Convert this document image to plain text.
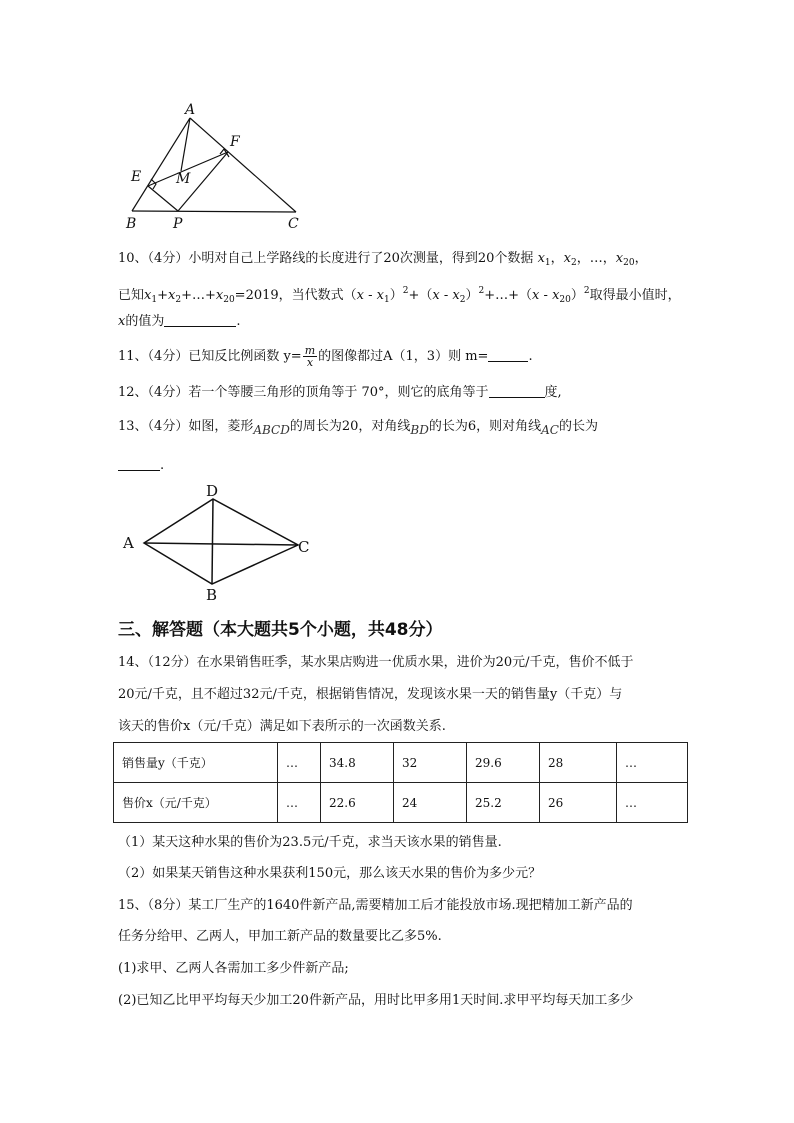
A
F
E M
B	P	C
10、（4分）小明对自己上学路线的长度进行了20次测量，得到20个数据 $x_1$，$x_2$，…，$x_{20}$，
已知$x_1+x_2+\dots+x_{20}=2019$，当代数式$(x - x_1)^2+(x$ - $x_2)^2+\dots+(x - x_{20})^2$取得最小值时，
x的值为	.
11、（4分）已知反比例函数 $y= \frac{m}{x}$ 的图像都过A（1，3）则 m=	.
12、（4分）若一个等腰三角形的顶角等于 70°，则它的底角等于	度,
13、（4分）如图，菱形ABCD的周长为20，对角线BD的长为6，则对角线AC的长为
.
D
A	C
B
三、解答题（本大题共5个小题，共48分）
14、（12分）在水果销售旺季，某水果店购进一优质水果，进价为20元/千克，售价不低于
20元/千克，且不超过32元/千克，根据销售情况，发现该水果一天的销售量y（千克）与
该天的售价x（元/千克）满足如下表所示的一次函数关系.
销售量y（千克）	…	34.8	32	29.6	28	…
售价x（元/千克）	…	22.6	24	25.2	26	…
（1）某天这种水果的售价为23.5元/千克，求当天该水果的销售量.
（2）如果某天销售这种水果获利150元，那么该天水果的售价为多少元？
15、（8分）某工厂生产的1640件新产品,需要精加工后才能投放市场.现把精加工新产品的
任务分给甲、乙两人，甲加工新产品的数量要比乙多5%.
(1)求甲、乙两人各需加工多少件新产品;
(2)已知乙比甲平均每天少加工20件新产品，用时比甲多用1天时间.求甲平均每天加工多少
